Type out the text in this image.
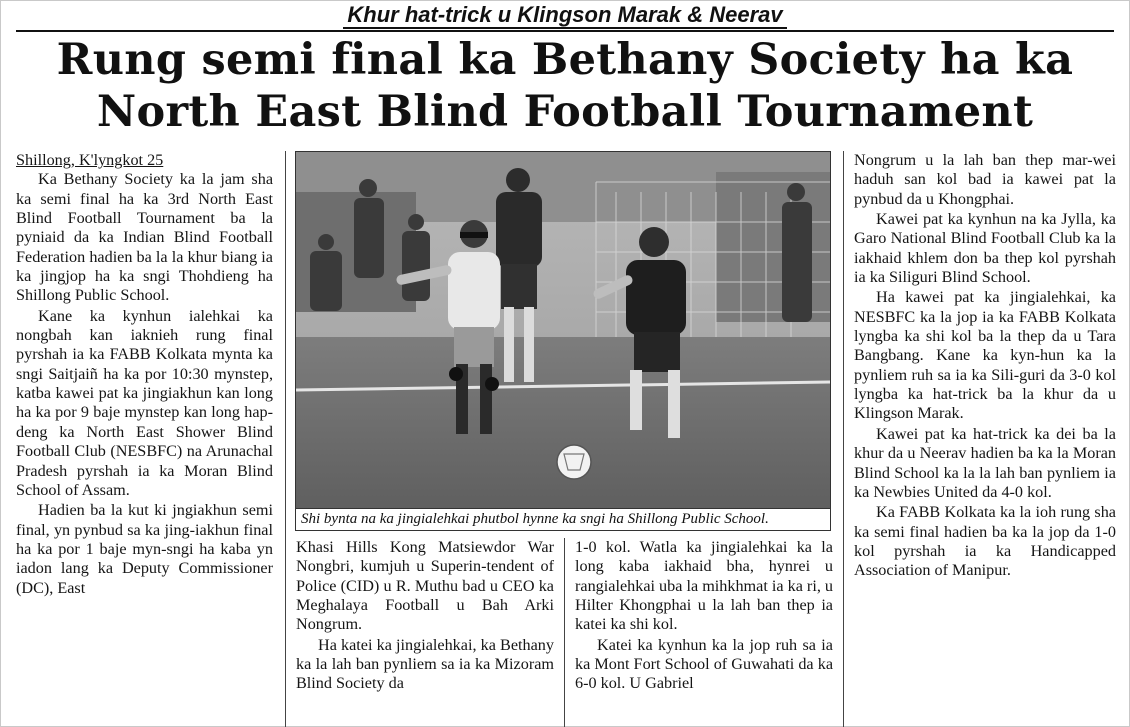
Khur hat-trick u Klingson Marak & Neerav
Rung semi final ka Bethany Society ha ka
North East Blind Football Tournament
Shillong, K'lyngkot 25

Ka Bethany Society ka la jam sha ka semi final ha ka 3rd North East Blind Football Tournament ba la pyniaid da ka Indian Blind Football Federation hadien ba la la khur biang ia ka jingjop ha ka sngi Thohdieng ha Shillong Public School.

Kane ka kynhun ialehkai ka nongbah kan iaknieh rung final pyrshah ia ka FABB Kolkata mynta ka sngi Saitjaiñ ha ka por 10:30 mynstep, katba kawei pat ka jingiakhun kan long ha ka por 9 baje mynstep kan long hap-deng ka North East Shower Blind Football Club (NESBFC) na Arunachal Pradesh pyrshah ia ka Moran Blind School of Assam.

Hadien ba la kut ki jngiakhun semi final, yn pynbud sa ka jing-iakhun final ha ka por 1 baje myn-sngi ha kaba yn iadon lang ka Deputy Commissioner (DC), East

Shi bynta na ka jingialehkai phutbol hynne ka sngi ha Shillong Public School.

Khasi Hills Kong Matsiewdor War Nongbri, kumjuh u Superin-tendent of Police (CID) u R. Muthu bad u CEO ka Meghalaya Football u Bah Arki Nongrum.

Ha katei ka jingialehkai, ka Bethany ka la lah ban pynliem sa ia ka Mizoram Blind Society da

1-0 kol. Watla ka jingialehkai ka la long kaba iakhaid bha, hynrei u rangialehkai uba la mihkhmat ia ka ri, u Hilter Khongphai u la lah ban thep ia katei ka shi kol.

Katei ka kynhun ka la jop ruh sa ia ka Mont Fort School of Guwahati da ka 6-0 kol. U Gabriel

Nongrum u la lah ban thep mar-wei haduh san kol bad ia kawei pat la pynbud da u Khongphai.

Kawei pat ka kynhun na ka Jylla, ka Garo National Blind Football Club ka la iakhaid khlem don ba thep kol pyrshah ia ka Siliguri Blind School.

Ha kawei pat ka jingialehkai, ka NESBFC ka la jop ia ka FABB Kolkata lyngba ka shi kol ba la thep da u Tara Bangbang. Kane ka kyn-hun ka la pynliem ruh sa ia ka Sili-guri da 3-0 kol lyngba ka hat-trick ba la khur da u Klingson Marak.

Kawei pat ka hat-trick ka dei ba la khur da u Neerav hadien ba ka la Moran Blind School ka la la lah ban pynliem ia ka Newbies United da 4-0 kol.

Ka FABB Kolkata ka la ioh rung sha ka semi final hadien ba ka la jop da 1-0 kol pyrshah ia ka Handicapped Association of Manipur.
